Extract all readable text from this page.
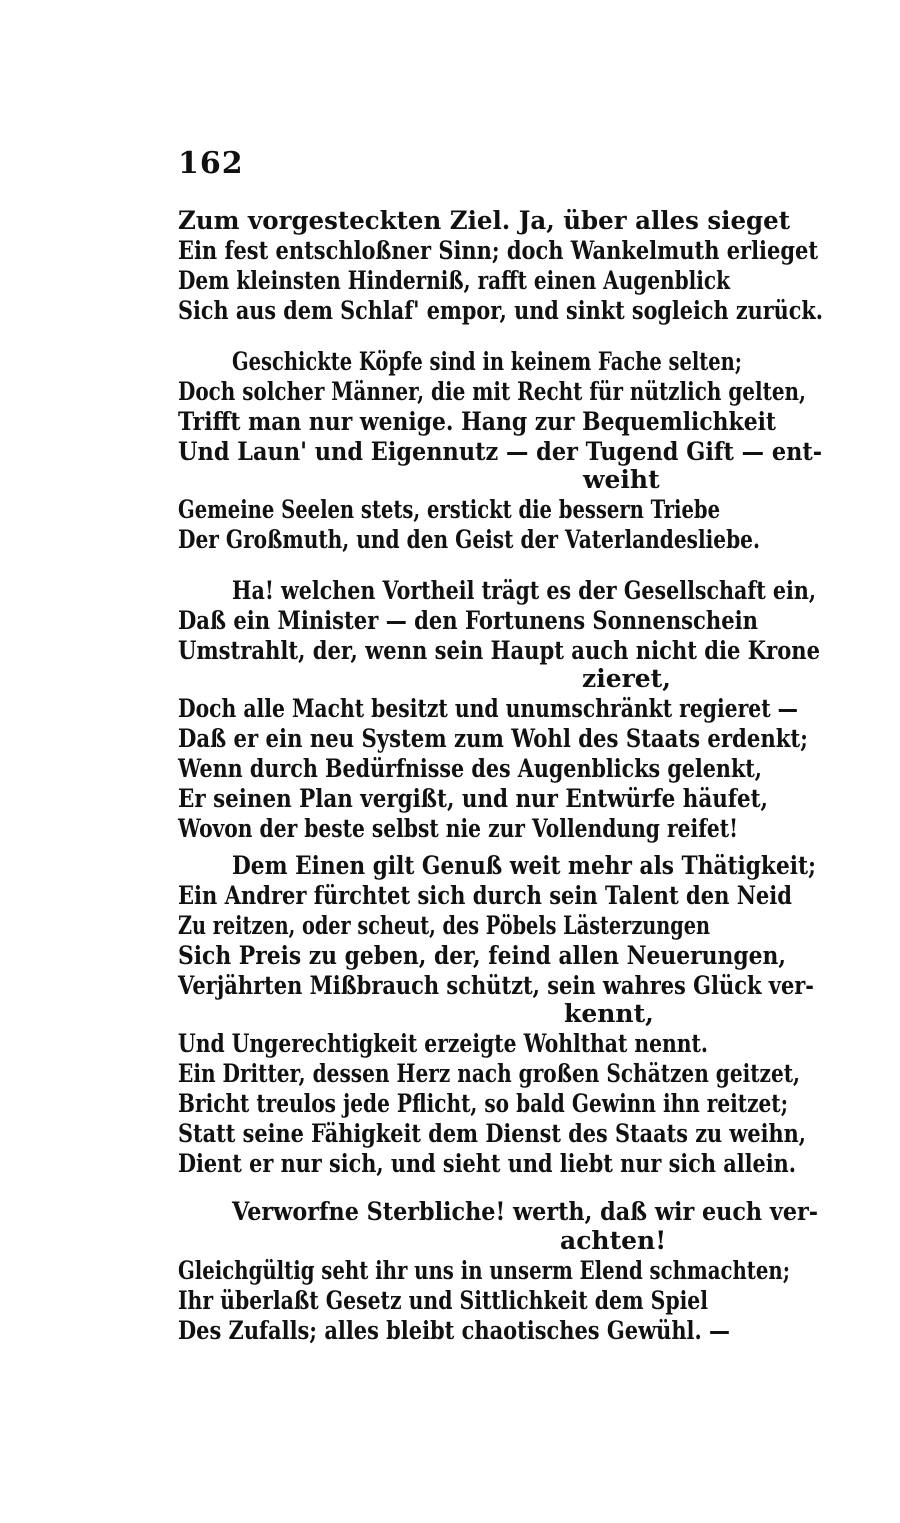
162
Zum vorgesteckten Ziel. Ja, über alles sieget
Ein fest entschloßner Sinn; doch Wankelmuth erlieget
Dem kleinsten Hinderniß, rafft einen Augenblick
Sich aus dem Schlaf' empor, und sinkt sogleich zurück.
Geschickte Köpfe sind in keinem Fache selten;
Doch solcher Männer, die mit Recht für nützlich gelten,
Trifft man nur wenige. Hang zur Bequemlichkeit
Und Laun' und Eigennutz — der Tugend Gift — ent-
weiht
Gemeine Seelen stets, erstickt die bessern Triebe
Der Großmuth, und den Geist der Vaterlandesliebe.
Ha! welchen Vortheil trägt es der Gesellschaft ein,
Daß ein Minister — den Fortunens Sonnenschein
Umstrahlt, der, wenn sein Haupt auch nicht die Krone
zieret,
Doch alle Macht besitzt und unumschränkt regieret —
Daß er ein neu System zum Wohl des Staats erdenkt;
Wenn durch Bedürfnisse des Augenblicks gelenkt,
Er seinen Plan vergißt, und nur Entwürfe häufet,
Wovon der beste selbst nie zur Vollendung reifet!
Dem Einen gilt Genuß weit mehr als Thätigkeit;
Ein Andrer fürchtet sich durch sein Talent den Neid
Zu reitzen, oder scheut, des Pöbels Lästerzungen
Sich Preis zu geben, der, feind allen Neuerungen,
Verjährten Mißbrauch schützt, sein wahres Glück ver-
kennt,
Und Ungerechtigkeit erzeigte Wohlthat nennt.
Ein Dritter, dessen Herz nach großen Schätzen geitzet,
Bricht treulos jede Pflicht, so bald Gewinn ihn reitzet;
Statt seine Fähigkeit dem Dienst des Staats zu weihn,
Dient er nur sich, und sieht und liebt nur sich allein.
Verworfne Sterbliche! werth, daß wir euch ver-
achten!
Gleichgültig seht ihr uns in unserm Elend schmachten;
Ihr überlaßt Gesetz und Sittlichkeit dem Spiel
Des Zufalls; alles bleibt chaotisches Gewühl. —
